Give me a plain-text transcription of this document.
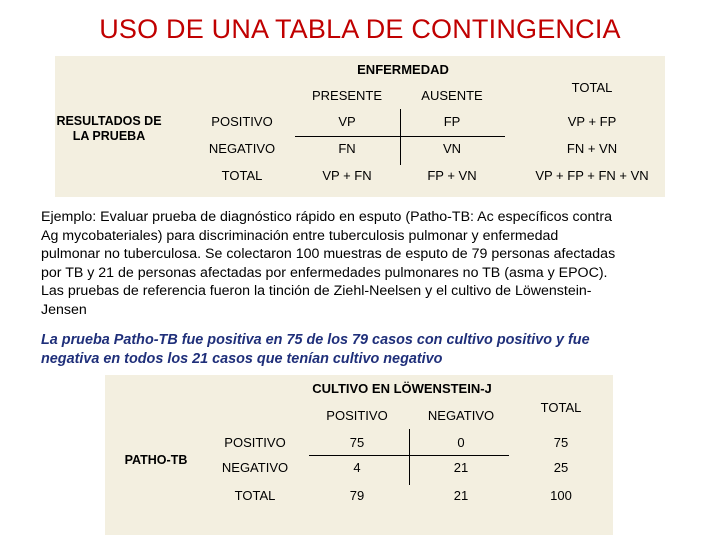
USO DE UNA TABLA DE CONTINGENCIA
ENFERMEDAD
PRESENTE	AUSENTE
TOTAL
RESULTADOS DE
LA PRUEBA
POSITIVO	VP	FP	VP + FP
NEGATIVO	FN	VN	FN + VN
TOTAL	VP + FN	FP + VN	VP + FP + FN + VN
Ejemplo: Evaluar prueba de diagnóstico rápido en esputo (Patho-TB: Ac específicos contra
Ag mycobateriales) para discriminación entre tuberculosis pulmonar y enfermedad
pulmonar no tuberculosa. Se colectaron 100 muestras de esputo de 79 personas afectadas
por TB y 21 de personas afectadas por enfermedades pulmonares no TB (asma y EPOC).
Las pruebas de referencia fueron la tinción de Ziehl-Neelsen y el cultivo de Löwenstein-
Jensen
La prueba Patho-TB fue positiva en 75 de los 79 casos con cultivo positivo y fue
negativa en todos los 21 casos que tenían cultivo negativo
CULTIVO EN LÖWENSTEIN-J
POSITIVO	NEGATIVO
TOTAL
PATHO-TB
POSITIVO	75	0	75
NEGATIVO	4	21	25
TOTAL	79	21	100
